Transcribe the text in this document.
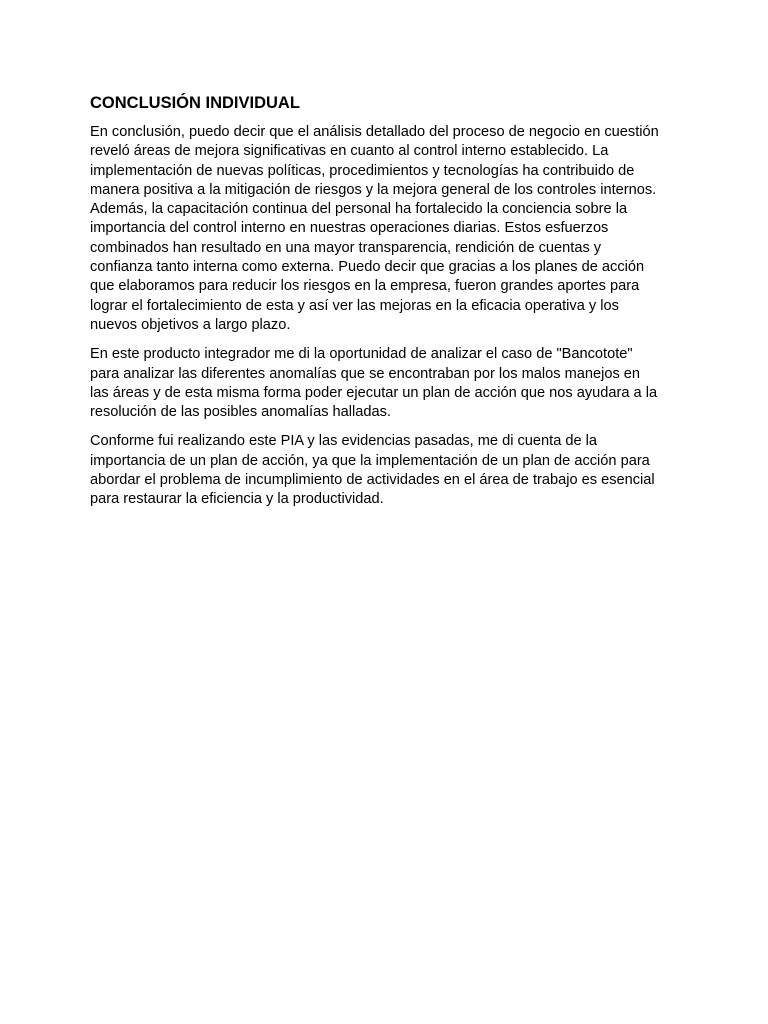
CONCLUSIÓN INDIVIDUAL

En conclusión, puedo decir que el análisis detallado del proceso de negocio en cuestión
reveló áreas de mejora significativas en cuanto al control interno establecido. La
implementación de nuevas políticas, procedimientos y tecnologías ha contribuido de
manera positiva a la mitigación de riesgos y la mejora general de los controles internos.
Además, la capacitación continua del personal ha fortalecido la conciencia sobre la
importancia del control interno en nuestras operaciones diarias. Estos esfuerzos
combinados han resultado en una mayor transparencia, rendición de cuentas y
confianza tanto interna como externa. Puedo decir que gracias a los planes de acción
que elaboramos para reducir los riesgos en la empresa, fueron grandes aportes para
lograr el fortalecimiento de esta y así ver las mejoras en la eficacia operativa y los
nuevos objetivos a largo plazo.

En este producto integrador me di la oportunidad de analizar el caso de "Bancotote"
para analizar las diferentes anomalías que se encontraban por los malos manejos en
las áreas y de esta misma forma poder ejecutar un plan de acción que nos ayudara a la
resolución de las posibles anomalías halladas.

Conforme fui realizando este PIA y las evidencias pasadas, me di cuenta de la
importancia de un plan de acción, ya que la implementación de un plan de acción para
abordar el problema de incumplimiento de actividades en el área de trabajo es esencial
para restaurar la eficiencia y la productividad.
